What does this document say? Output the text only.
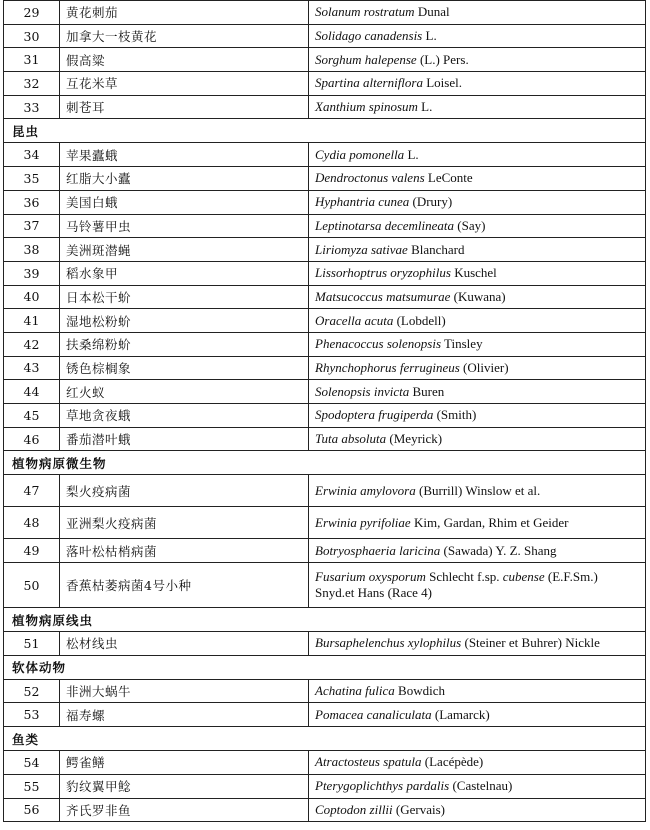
29	黄花刺茄	Solanum rostratum Dunal
30	加拿大一枝黄花	Solidago canadensis L.
31	假高粱	Sorghum halepense (L.) Pers.
32	互花米草	Spartina alterniflora Loisel.
33	刺苍耳	Xanthium spinosum L.
昆虫		
34	苹果蠹蛾	Cydia pomonella L.
35	红脂大小蠹	Dendroctonus valens LeConte
36	美国白蛾	Hyphantria cunea (Drury)
37	马铃薯甲虫	Leptinotarsa decemlineata (Say)
38	美洲斑潜蝇	Liriomyza sativae Blanchard
39	稻水象甲	Lissorhoptrus oryzophilus Kuschel
40	日本松干蚧	Matsucoccus matsumurae (Kuwana)
41	湿地松粉蚧	Oracella acuta (Lobdell)
42	扶桑绵粉蚧	Phenacoccus solenopsis Tinsley
43	锈色棕榈象	Rhynchophorus ferrugineus (Olivier)
44	红火蚁	Solenopsis invicta Buren
45	草地贪夜蛾	Spodoptera frugiperda (Smith)
46	番茄潜叶蛾	Tuta absoluta (Meyrick)
植物病原微生物		
47	梨火疫病菌	Erwinia amylovora (Burrill) Winslow et al.
48	亚洲梨火疫病菌	Erwinia pyrifoliae Kim, Gardan, Rhim et Geider
49	落叶松枯梢病菌	Botryosphaeria laricina (Sawada) Y. Z. Shang
50	香蕉枯萎病菌4号小种	Fusarium oxysporum Schlecht f.sp. cubense (E.F.Sm.) Snyd.et Hans (Race 4)
植物病原线虫		
51	松材线虫	Bursaphelenchus xylophilus (Steiner et Buhrer) Nickle
软体动物		
52	非洲大蜗牛	Achatina fulica Bowdich
53	福寿螺	Pomacea canaliculata (Lamarck)
鱼类		
54	鳄雀鳝	Atractosteus spatula (Lacépède)
55	豹纹翼甲鲶	Pterygoplichthys pardalis (Castelnau)
56	齐氏罗非鱼	Coptodon zillii (Gervais)
